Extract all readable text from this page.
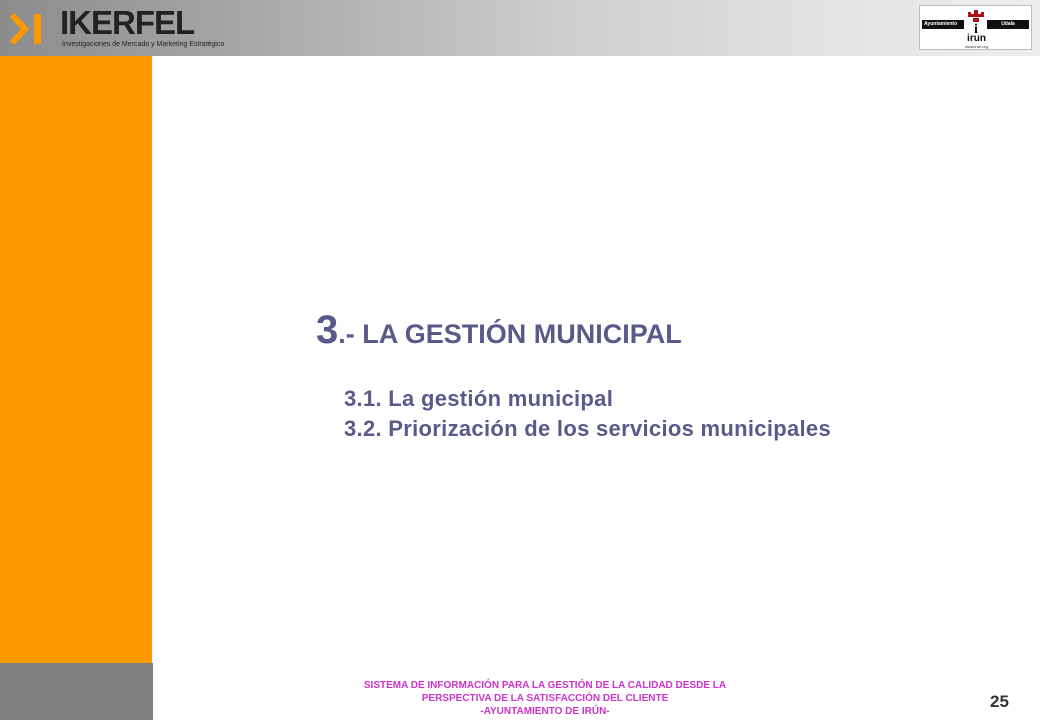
IKERFEL
Investigaciones de Mercado y Marketing Estratégico
Ayuntamiento	i	Udala
irun
www.irun.org
3.- LA GESTIÓN MUNICIPAL
3.1. La gestión municipal
3.2. Priorización de los servicios municipales
SISTEMA DE INFORMACIÓN PARA LA GESTIÓN DE LA CALIDAD DESDE LA
PERSPECTIVA DE LA SATISFACCIÓN DEL CLIENTE
-AYUNTAMIENTO DE IRÚN-
25
